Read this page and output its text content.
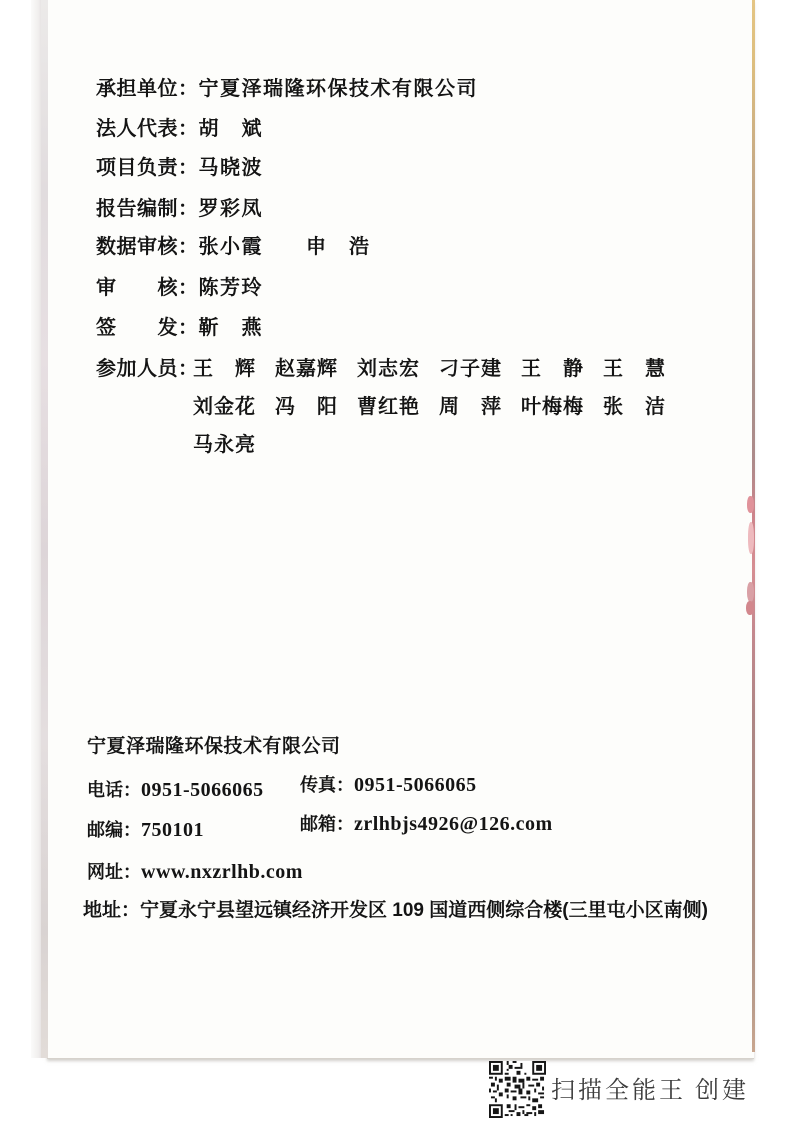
承担单位：宁夏泽瑞隆环保技术有限公司
法人代表：胡　斌
项目负责：马晓波
报告编制：罗彩凤
数据审核：张小霞　　申　浩
审　　核：陈芳玲
签　　发：靳　燕
参加人员：
王　辉 赵嘉辉 刘志宏 刁子建 王　静 王　慧
刘金花 冯　阳 曹红艳 周　萍 叶梅梅 张　洁
马永亮
宁夏泽瑞隆环保技术有限公司
电话：0951-5066065 传真：0951-5066065
邮编：750101	邮箱：zrlhbjs4926@126.com
网址：www.nxzrlhb.com
地址：宁夏永宁县望远镇经济开发区 109 国道西侧综合楼(三里屯小区南侧)
扫描全能王 创建
